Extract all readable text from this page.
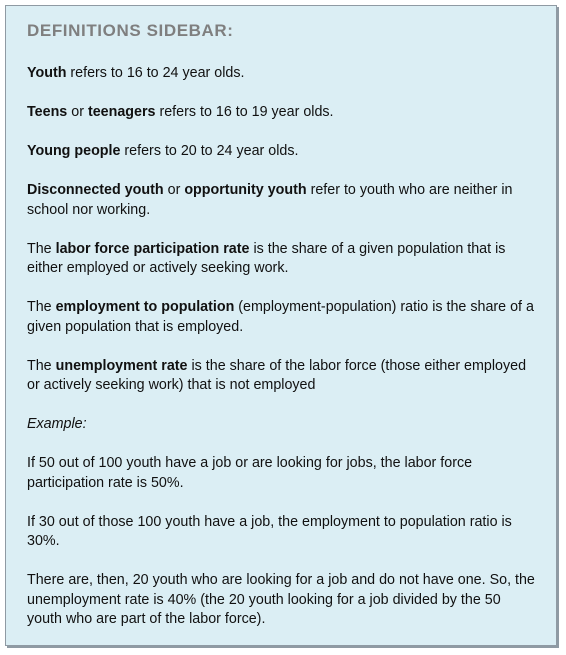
DEFINITIONS SIDEBAR:

Youth refers to 16 to 24 year olds.

Teens or teenagers refers to 16 to 19 year olds.

Young people refers to 20 to 24 year olds.

Disconnected youth or opportunity youth refer to youth who are neither in school nor working.

The labor force participation rate is the share of a given population that is either employed or actively seeking work.

The employment to population (employment-population) ratio is the share of a given population that is employed.

The unemployment rate is the share of the labor force (those either employed or actively seeking work) that is not employed

Example:

If 50 out of 100 youth have a job or are looking for jobs, the labor force participation rate is 50%.

If 30 out of those 100 youth have a job, the employment to population ratio is 30%.

There are, then, 20 youth who are looking for a job and do not have one. So, the unemployment rate is 40% (the 20 youth looking for a job divided by the 50 youth who are part of the labor force).
